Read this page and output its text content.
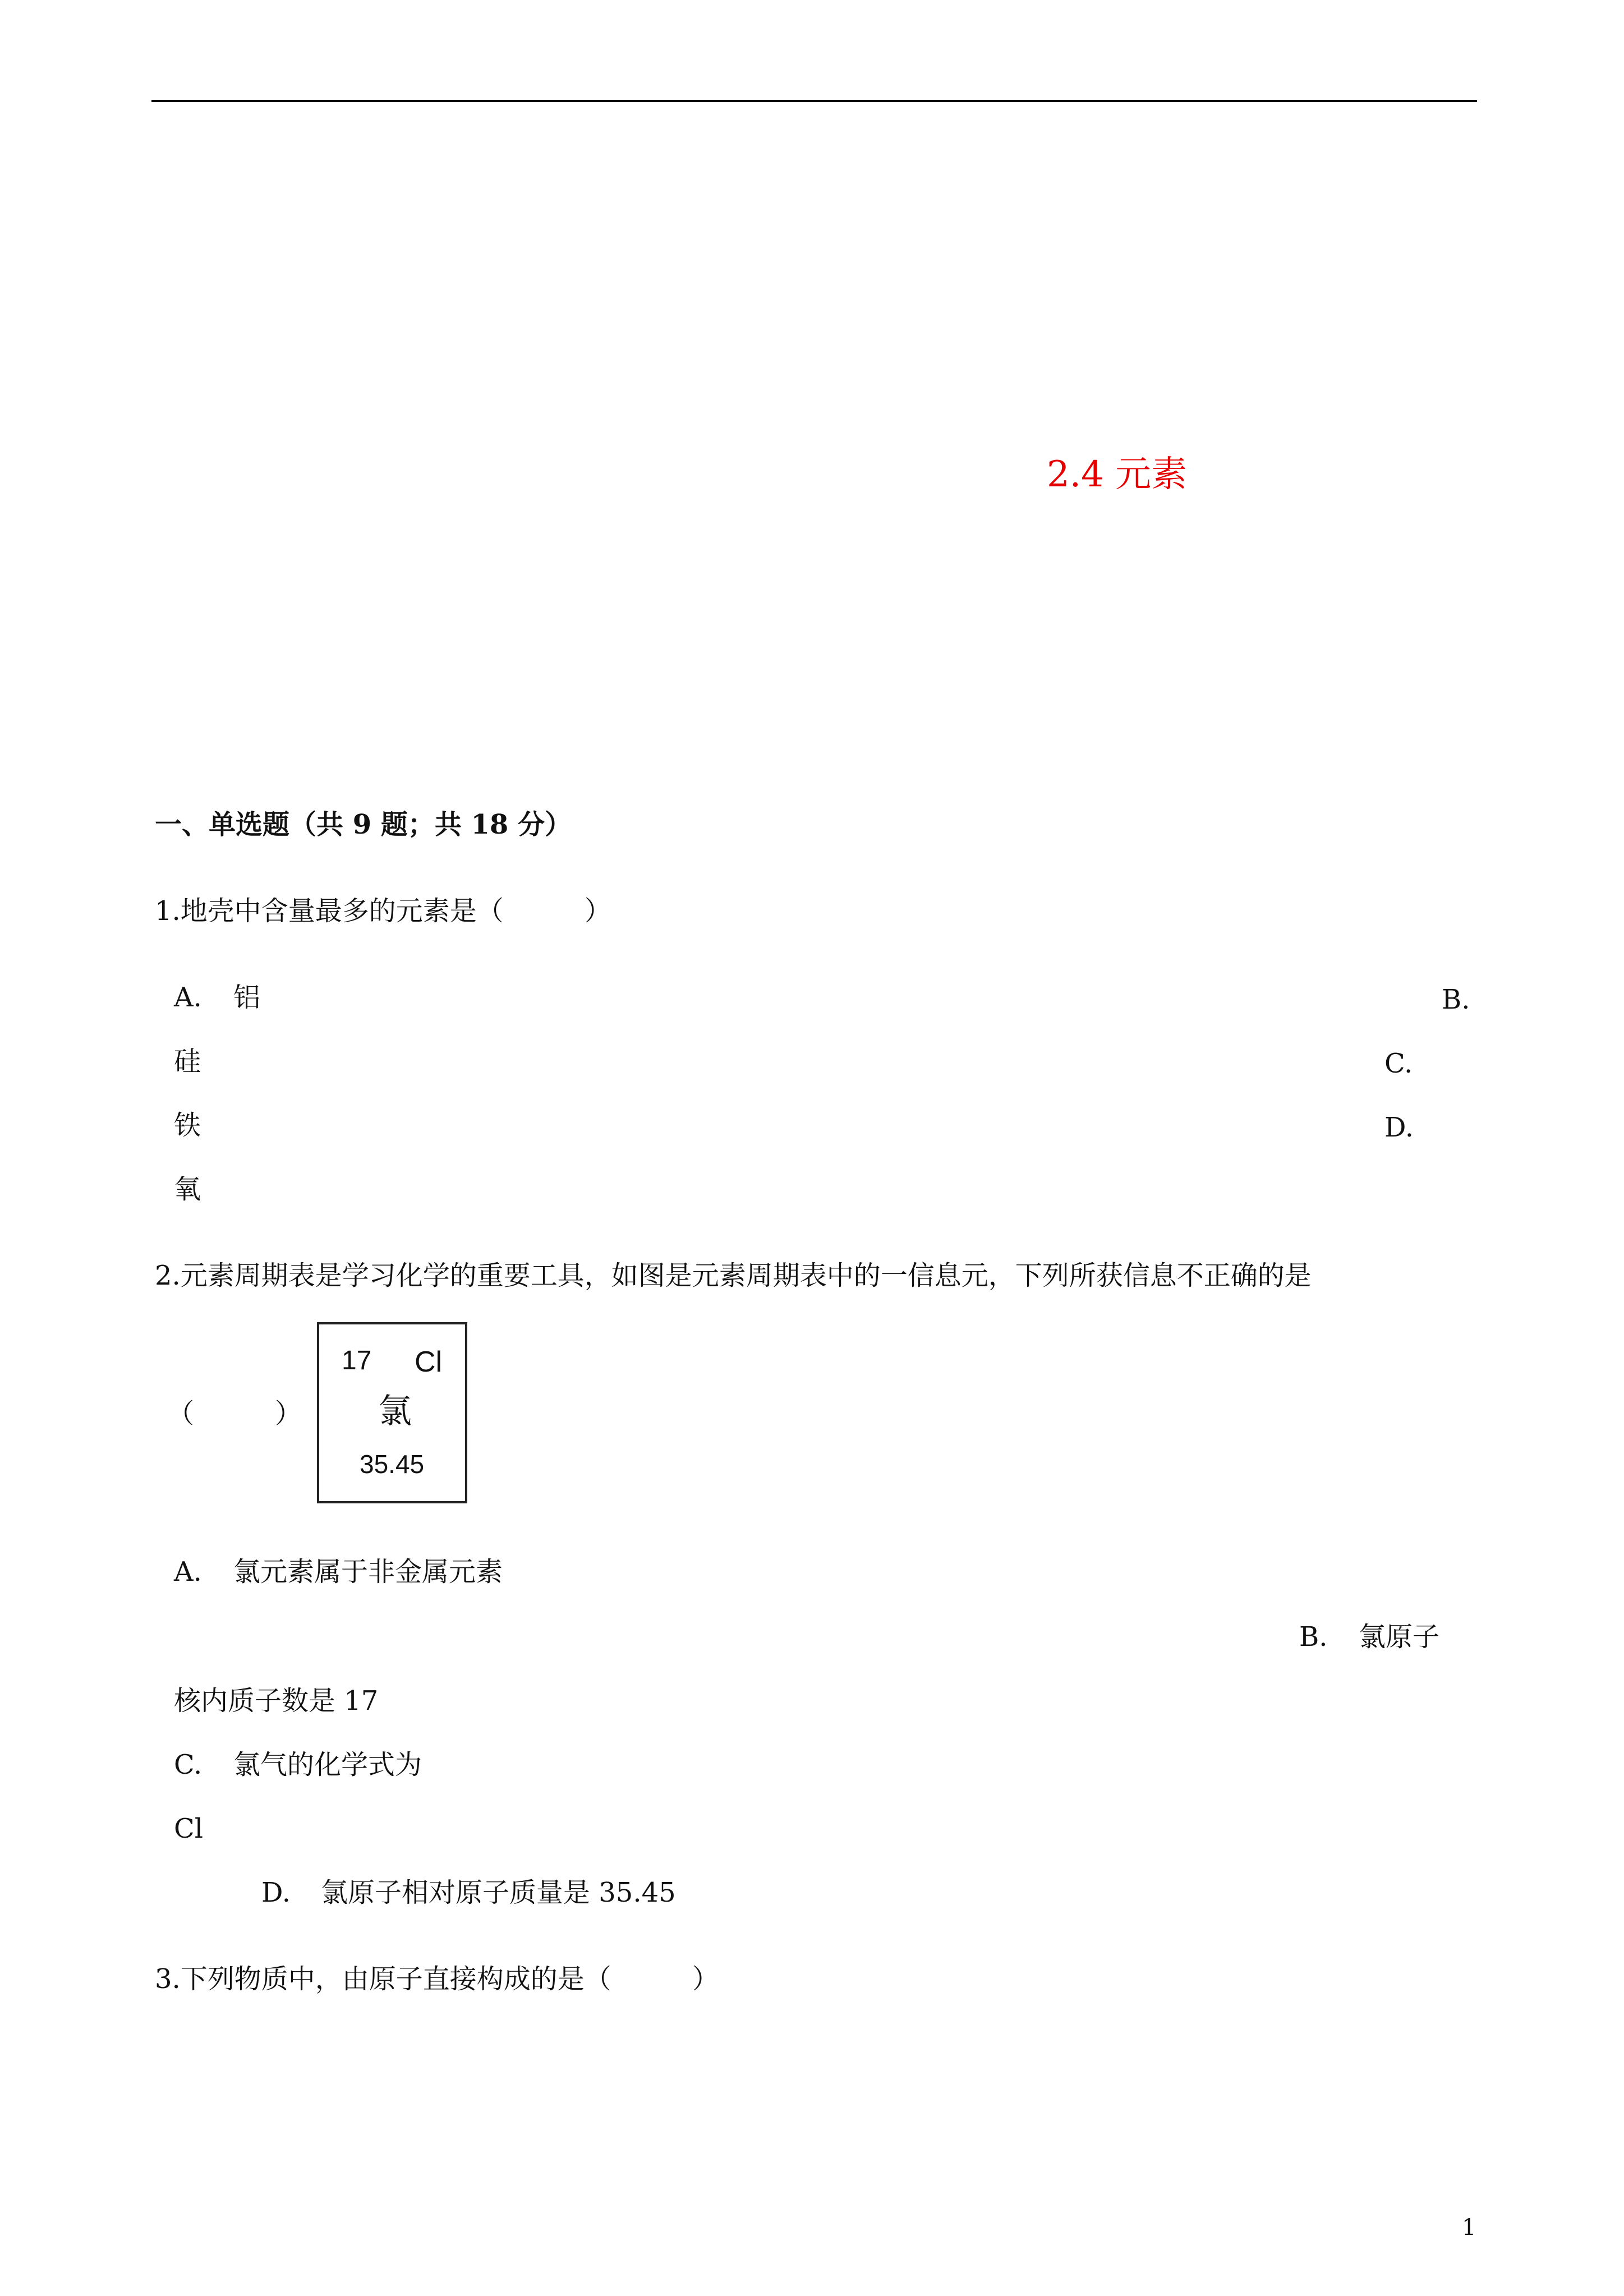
2.4 元素
一、单选题（共 9 题；共 18 分）
1.地壳中含量最多的元素是（　　　）
A. 铝	B.
硅	C.
铁	D.
氧
2.元素周期表是学习化学的重要工具，如图是元素周期表中的一信息元，下列所获信息不正确的是
（　　　）
17 Cl
氯
35.45
A. 氯元素属于非金属元素
B. 氯原子
核内质子数是 17
C. 氯气的化学式为
Cl
D. 氯原子相对原子质量是 35.45
3.下列物质中，由原子直接构成的是（　　　）
1
